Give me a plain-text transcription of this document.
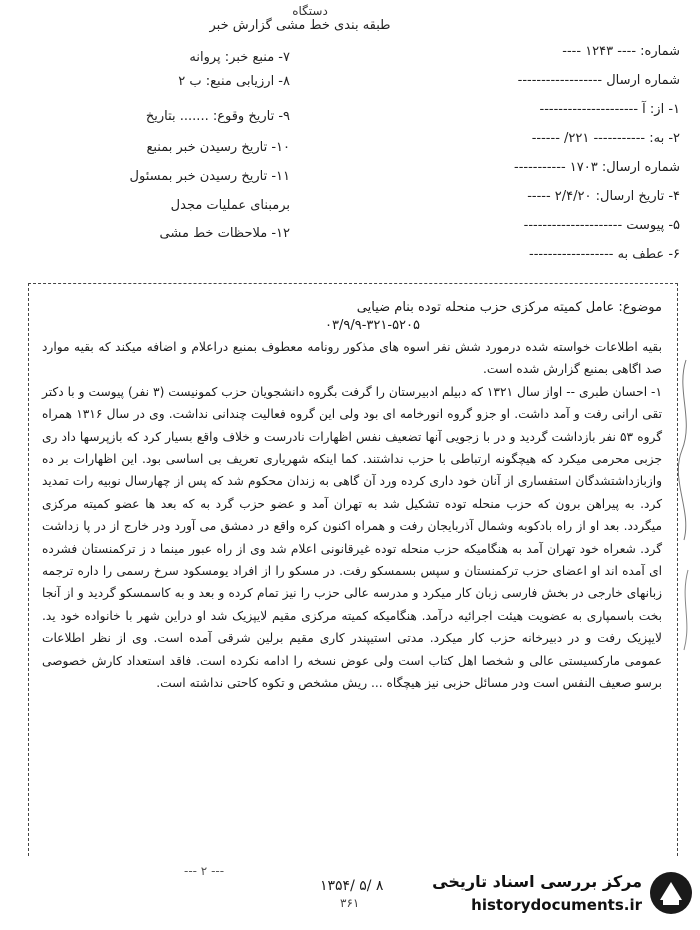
دستگاه
طبقه بندی خط مشی گزارش خبر
شماره: ---- ۱۲۴۳ ----
شماره ارسال ------------------
۱- از: آ ---------------------
۲- به: ----------- ۲۲۱/ ------
شماره ارسال: ۱۷۰۳ -----------
۴- تاریخ ارسال: ۲/۴/۲۰ -----
۵- پیوست ---------------------
۶- عطف به ------------------
۷- منبع خبر: پروانه
۸- ارزیابی منبع: ب ۲
۹- تاریخ وقوع: ....... بتاریخ
۱۰- تاریخ رسیدن خبر بمنبع
۱۱- تاریخ رسیدن خبر بمسئول
برمبنای عملیات مجدل
۱۲- ملاحظات خط مشی
موضوع: عامل کمیته مرکزی حزب منحله توده بنام ضیایی
۰۳/۹/۹-۳۲۱-۵۲۰۵

بقیه اطلاعات خواسته شده درمورد شش نفر اسوه های مذکور رونامه معطوف بمنبع دراعلام و اضافه میکند که بقیه موارد صد اگاهی بمنبع گزارش شده است.

۱- احسان طبری -- اواز سال ۱۳۲۱ که دبیلم ادبیرستان را گرفت بگروه دانشجویان حزب کمونیست (۳ نفر) پیوست و با دکتر تقی ارانی رفت و آمد داشت. او جزو گروه انورخامه ای بود ولی این گروه فعالیت چندانی نداشت. وی در سال ۱۳۱۶ همراه گروه ۵۳ نفر بازداشت گردید و در با زجویی آنها تضعیف نفس اظهارات نادرست و خلاف واقع بسیار کرد که بازپرسها داد ری جزبی محرمی میکرد که هیچگونه ارتباطی با حزب نداشتند. کما اینکه شهریاری تعریف بی اساسی بود. این اظهارات بر ده وازبازداشتشدگان استفساری از آنان خود داری کرده ورد آن گاهی به زندان محکوم شد که پس از چهارسال نوبیه رات تمدید کرد. به پیراهن برون که حزب منحله توده تشکیل شد به تهران آمد و عضو حزب گرد به که بعد ها عضو کمیته مرکزی میگردد. بعد او از راه بادکوبه وشمال آذربایجان رفت و همراه اکنون کره واقع در دمشق می آورد ودر خارج از در پا زداشت گرد. شعراه خود تهران آمد به هنگامیکه حزب منحله توده غیرقانونی اعلام شد وی از راه عبور مینما د ز ترکمنستان فشرده ای آمده اند او اعضای حزب ترکمنستان و سپس بسمسکو رفت. در مسکو را از افراد یومسکود سرخ رسمی را داره ترجمه زبانهای خارجی در بخش فارسی زبان کار میکرد و مدرسه عالی حزب را نیز تمام کرده و بعد و به کاسمسکو گردید و از آنجا بخت باسمپاری به عضویت هیئت اجرائیه درآمد. هنگامیکه کمیته مرکزی مقیم لایپزیک شد او دراین شهر با خانواده خود ید. لایپزیک رفت و در دبیرخانه حزب کار میکرد. مدتی استیپندر کاری مقیم برلین شرقی آمده است. وی از نظر اطلاعات عمومی مارکسیستی عالی و شخصا اهل کتاب است ولی عوض نسخه را ادامه نکرده است. فاقد استعداد کارش خصوصی برسو صعیف النفس است ودر مسائل حزبی نیز هیچگاه ... ریش مشخص و تکوه کاحتی نداشته است.

--- ۲ ---
۱۳۵۴/ ۵/ ۸
۳۶۱
مرکز بررسی اسناد تاریخی
historydocuments.ir
